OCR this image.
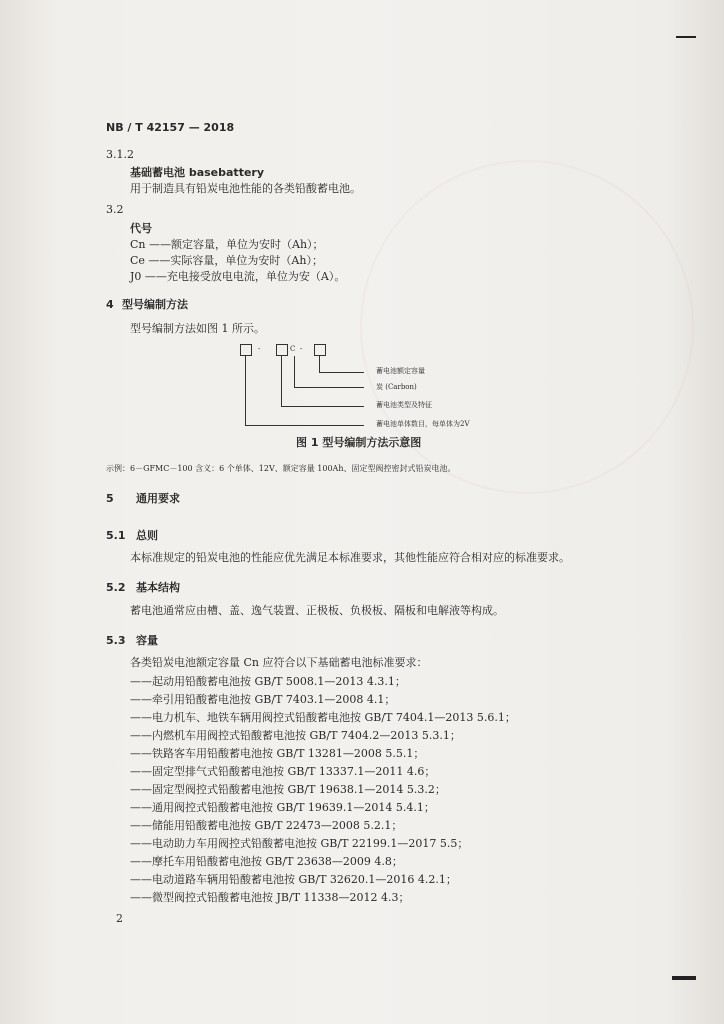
NB / T 42157 — 2018
3.1.2
基础蓄电池 basebattery
用于制造具有铅炭电池性能的各类铅酸蓄电池。
3.2
代号
Cn ——额定容量，单位为安时（Ah）；
Ce ——实际容量，单位为安时（Ah）；
J0 ——充电接受放电电流，单位为安（A）。
4 型号编制方法
型号编制方法如图 1 所示。
-	C -
蓄电池额定容量
炭 (Carbon)
蓄电池类型及特征
蓄电池单体数目，每单体为2V
图 1 型号编制方法示意图
示例：6－GFMC－100 含义：6 个单体、12V、额定容量 100Ah、固定型阀控密封式铅炭电池。
5 通用要求
5.1 总则
本标准规定的铅炭电池的性能应优先满足本标准要求，其他性能应符合相对应的标准要求。
5.2 基本结构
蓄电池通常应由槽、盖、逸气装置、正极板、负极板、隔板和电解液等构成。
5.3 容量
各类铅炭电池额定容量 Cn 应符合以下基础蓄电池标准要求：
——起动用铅酸蓄电池按 GB/T 5008.1—2013 4.3.1；
——牵引用铅酸蓄电池按 GB/T 7403.1—2008 4.1；
——电力机车、地铁车辆用阀控式铅酸蓄电池按 GB/T 7404.1—2013 5.6.1；
——内燃机车用阀控式铅酸蓄电池按 GB/T 7404.2—2013 5.3.1；
——铁路客车用铅酸蓄电池按 GB/T 13281—2008 5.5.1；
——固定型排气式铅酸蓄电池按 GB/T 13337.1—2011 4.6；
——固定型阀控式铅酸蓄电池按 GB/T 19638.1—2014 5.3.2；
——通用阀控式铅酸蓄电池按 GB/T 19639.1—2014 5.4.1；
——储能用铅酸蓄电池按 GB/T 22473—2008 5.2.1；
——电动助力车用阀控式铅酸蓄电池按 GB/T 22199.1—2017 5.5；
——摩托车用铅酸蓄电池按 GB/T 23638—2009 4.8；
——电动道路车辆用铅酸蓄电池按 GB/T 32620.1—2016 4.2.1；
——微型阀控式铅酸蓄电池按 JB/T 11338—2012 4.3；
2
